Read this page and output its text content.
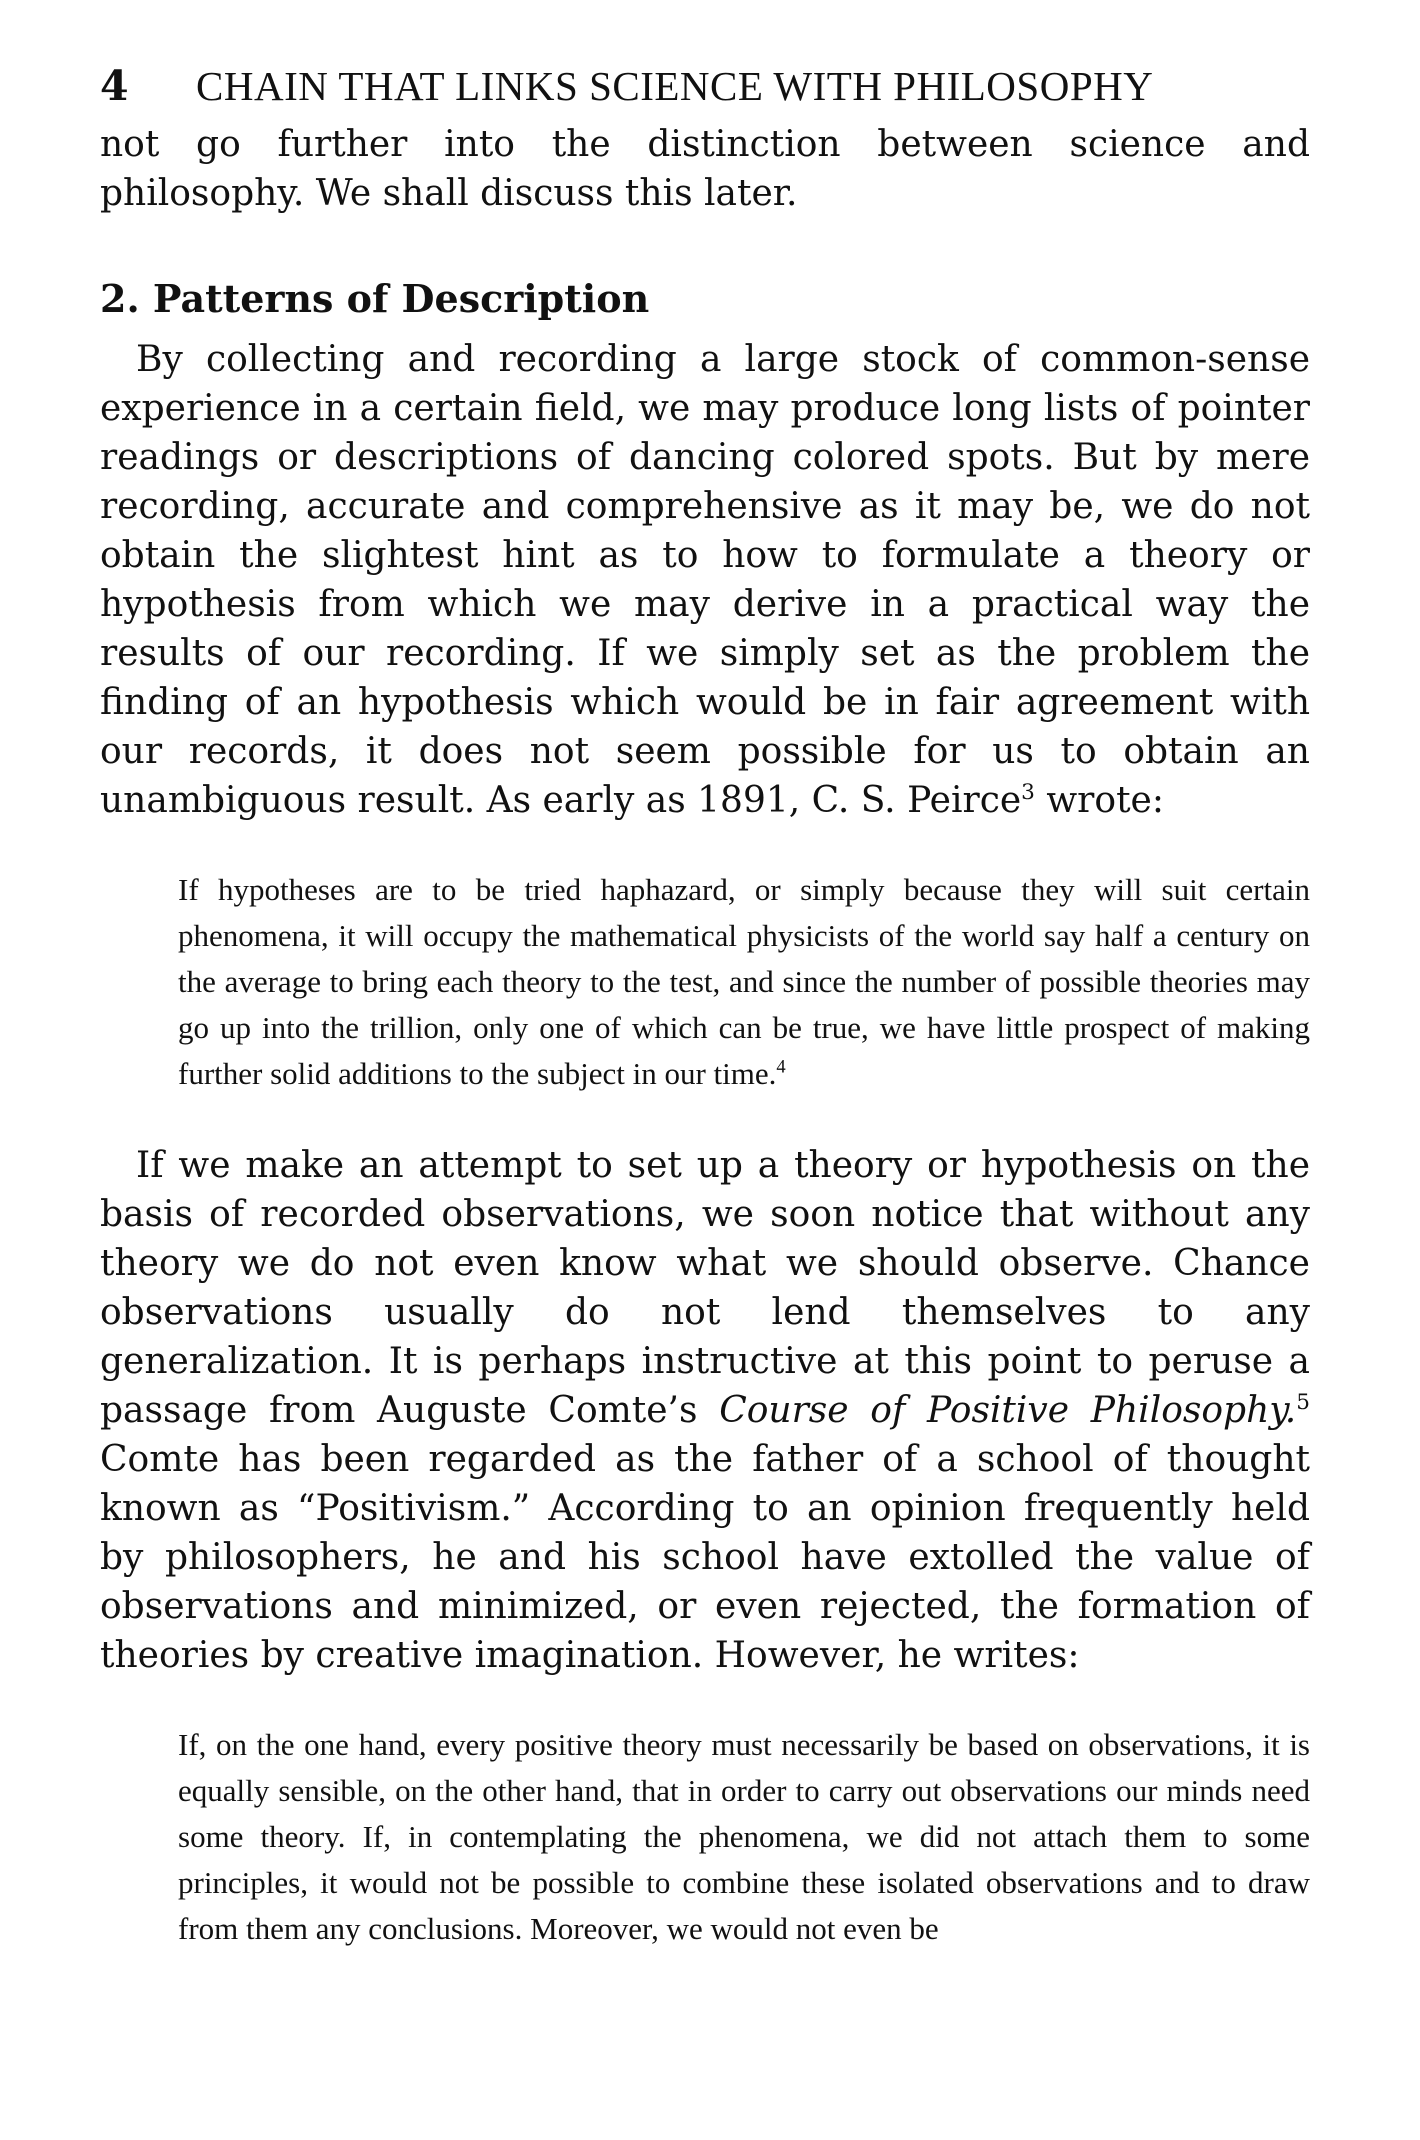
4	CHAIN THAT LINKS SCIENCE WITH PHILOSOPHY

not go further into the distinction between science and philosophy. We shall discuss this later.

2. Patterns of Description

By collecting and recording a large stock of common-sense experience in a certain field, we may produce long lists of pointer readings or descriptions of dancing colored spots. But by mere recording, accurate and comprehensive as it may be, we do not obtain the slightest hint as to how to formulate a theory or hypothesis from which we may derive in a practical way the results of our recording. If we simply set as the problem the finding of an hypothesis which would be in fair agreement with our records, it does not seem possible for us to obtain an unambiguous result. As early as 1891, C. S. Peirce$^3$ wrote:

If hypotheses are to be tried haphazard, or simply because they will suit certain phenomena, it will occupy the mathematical physicists of the world say half a century on the average to bring each theory to the test, and since the number of possible theories may go up into the trillion, only one of which can be true, we have little prospect of making further solid additions to the subject in our time.$^4$

If we make an attempt to set up a theory or hypothesis on the basis of recorded observations, we soon notice that without any theory we do not even know what we should observe. Chance observations usually do not lend themselves to any generalization. It is perhaps instructive at this point to peruse a passage from Auguste Comte’s Course of Positive Philosophy.$^5$ Comte has been regarded as the father of a school of thought known as “Positivism.” According to an opinion frequently held by philosophers, he and his school have extolled the value of observations and minimized, or even rejected, the formation of theories by creative imagination. However, he writes:

If, on the one hand, every positive theory must necessarily be based on observations, it is equally sensible, on the other hand, that in order to carry out observations our minds need some theory. If, in contemplating the phenomena, we did not attach them to some principles, it would not be possible to combine these isolated observations and to draw from them any conclusions. Moreover, we would not even be
